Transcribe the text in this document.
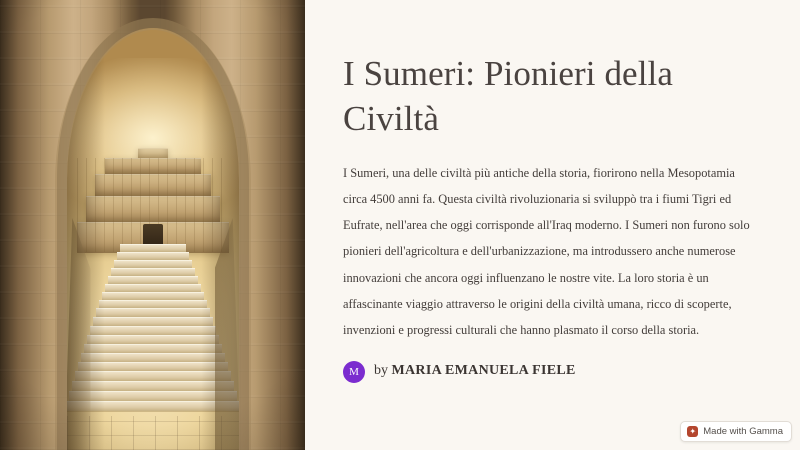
I Sumeri: Pionieri della Civiltà

I Sumeri, una delle civiltà più antiche della storia, fiorirono nella Mesopotamia circa 4500 anni fa. Questa civiltà rivoluzionaria si sviluppò tra i fiumi Tigri ed Eufrate, nell'area che oggi corrisponde all'Iraq moderno. I Sumeri non furono solo pionieri dell'agricoltura e dell'urbanizzazione, ma introdussero anche numerose innovazioni che ancora oggi influenzano le nostre vite. La loro storia è un affascinante viaggio attraverso le origini della civiltà umana, ricco di scoperte, invenzioni e progressi culturali che hanno plasmato il corso della storia.

M	by MARIA EMANUELA FIELE
✦ Made with Gamma
